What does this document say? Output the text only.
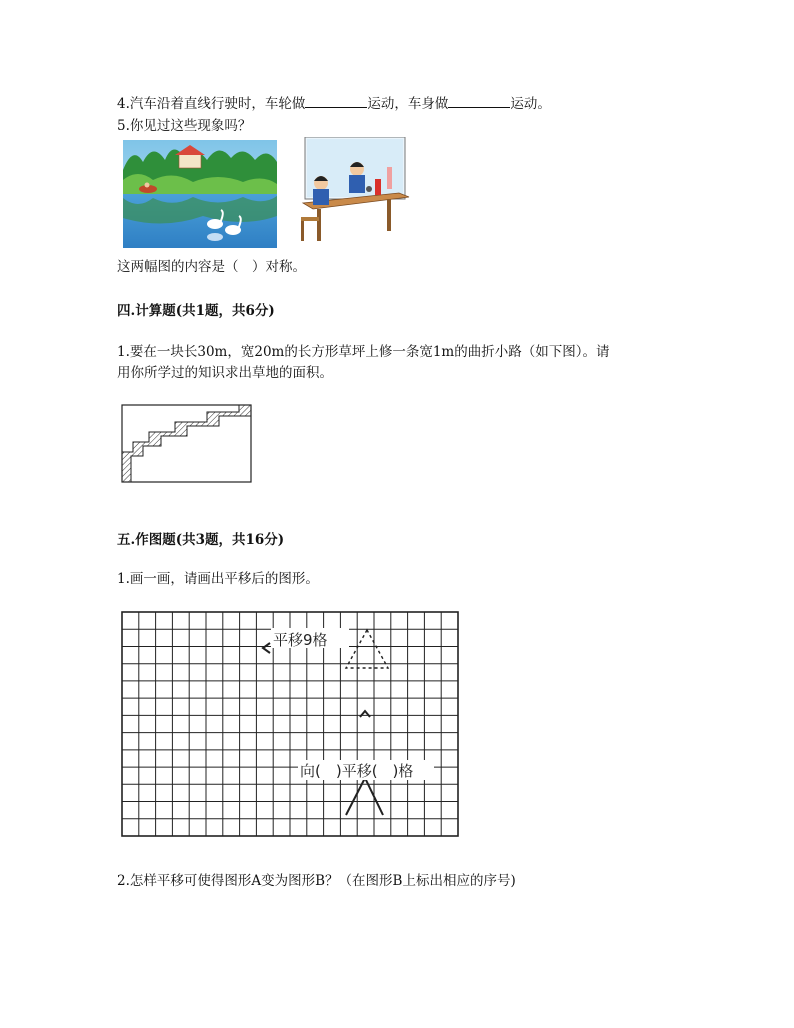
4.汽车沿着直线行驶时，车轮做	运动，车身做	运动。
5.你见过这些现象吗？
这两幅图的内容是（　）对称。
四.计算题(共1题，共6分)
1.要在一块长30m，宽20m的长方形草坪上修一条宽1m的曲折小路（如下图）。请
用你所学过的知识求出草地的面积。
五.作图题(共3题，共16分)
1.画一画，请画出平移后的图形。
平移9格
向(　)平移(　)格
2.怎样平移可使得图形A变为图形B？（在图形B上标出相应的序号)
